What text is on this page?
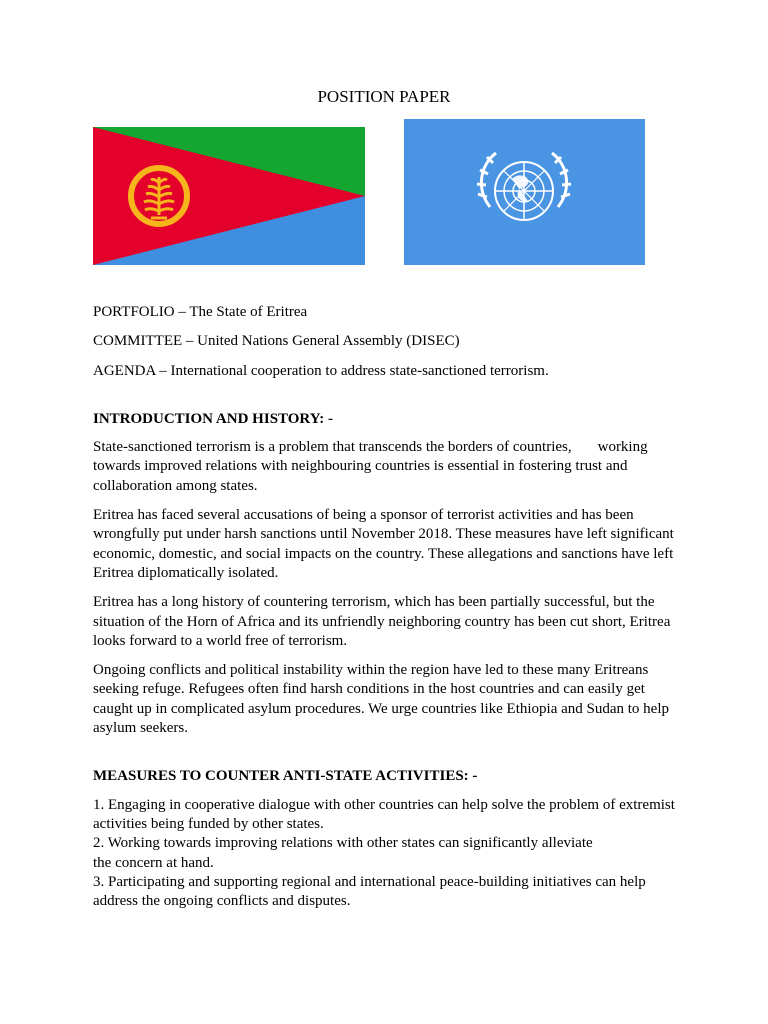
POSITION PAPER

PORTFOLIO – The State of Eritrea

COMMITTEE – United Nations General Assembly (DISEC)

AGENDA – International cooperation to address state-sanctioned terrorism.

INTRODUCTION AND HISTORY: -

State-sanctioned terrorism is a problem that transcends the borders of countries, working towards improved relations with neighbouring countries is essential in fostering trust and collaboration among states.

Eritrea has faced several accusations of being a sponsor of terrorist activities and has been wrongfully put under harsh sanctions until November 2018. These measures have left significant economic, domestic, and social impacts on the country. These allegations and sanctions have left Eritrea diplomatically isolated.

Eritrea has a long history of countering terrorism, which has been partially successful, but the situation of the Horn of Africa and its unfriendly neighboring country has been cut short, Eritrea looks forward to a world free of terrorism.

Ongoing conflicts and political instability within the region have led to these many Eritreans seeking refuge. Refugees often find harsh conditions in the host countries and can easily get caught up in complicated asylum procedures. We urge countries like Ethiopia and Sudan to help asylum seekers.

MEASURES TO COUNTER ANTI-STATE ACTIVITIES: -

1. Engaging in cooperative dialogue with other countries can help solve the problem of extremist activities being funded by other states.

2. Working towards improving relations with other states can significantly alleviate
the concern at hand.

3. Participating and supporting regional and international peace-building initiatives can help address the ongoing conflicts and disputes.
